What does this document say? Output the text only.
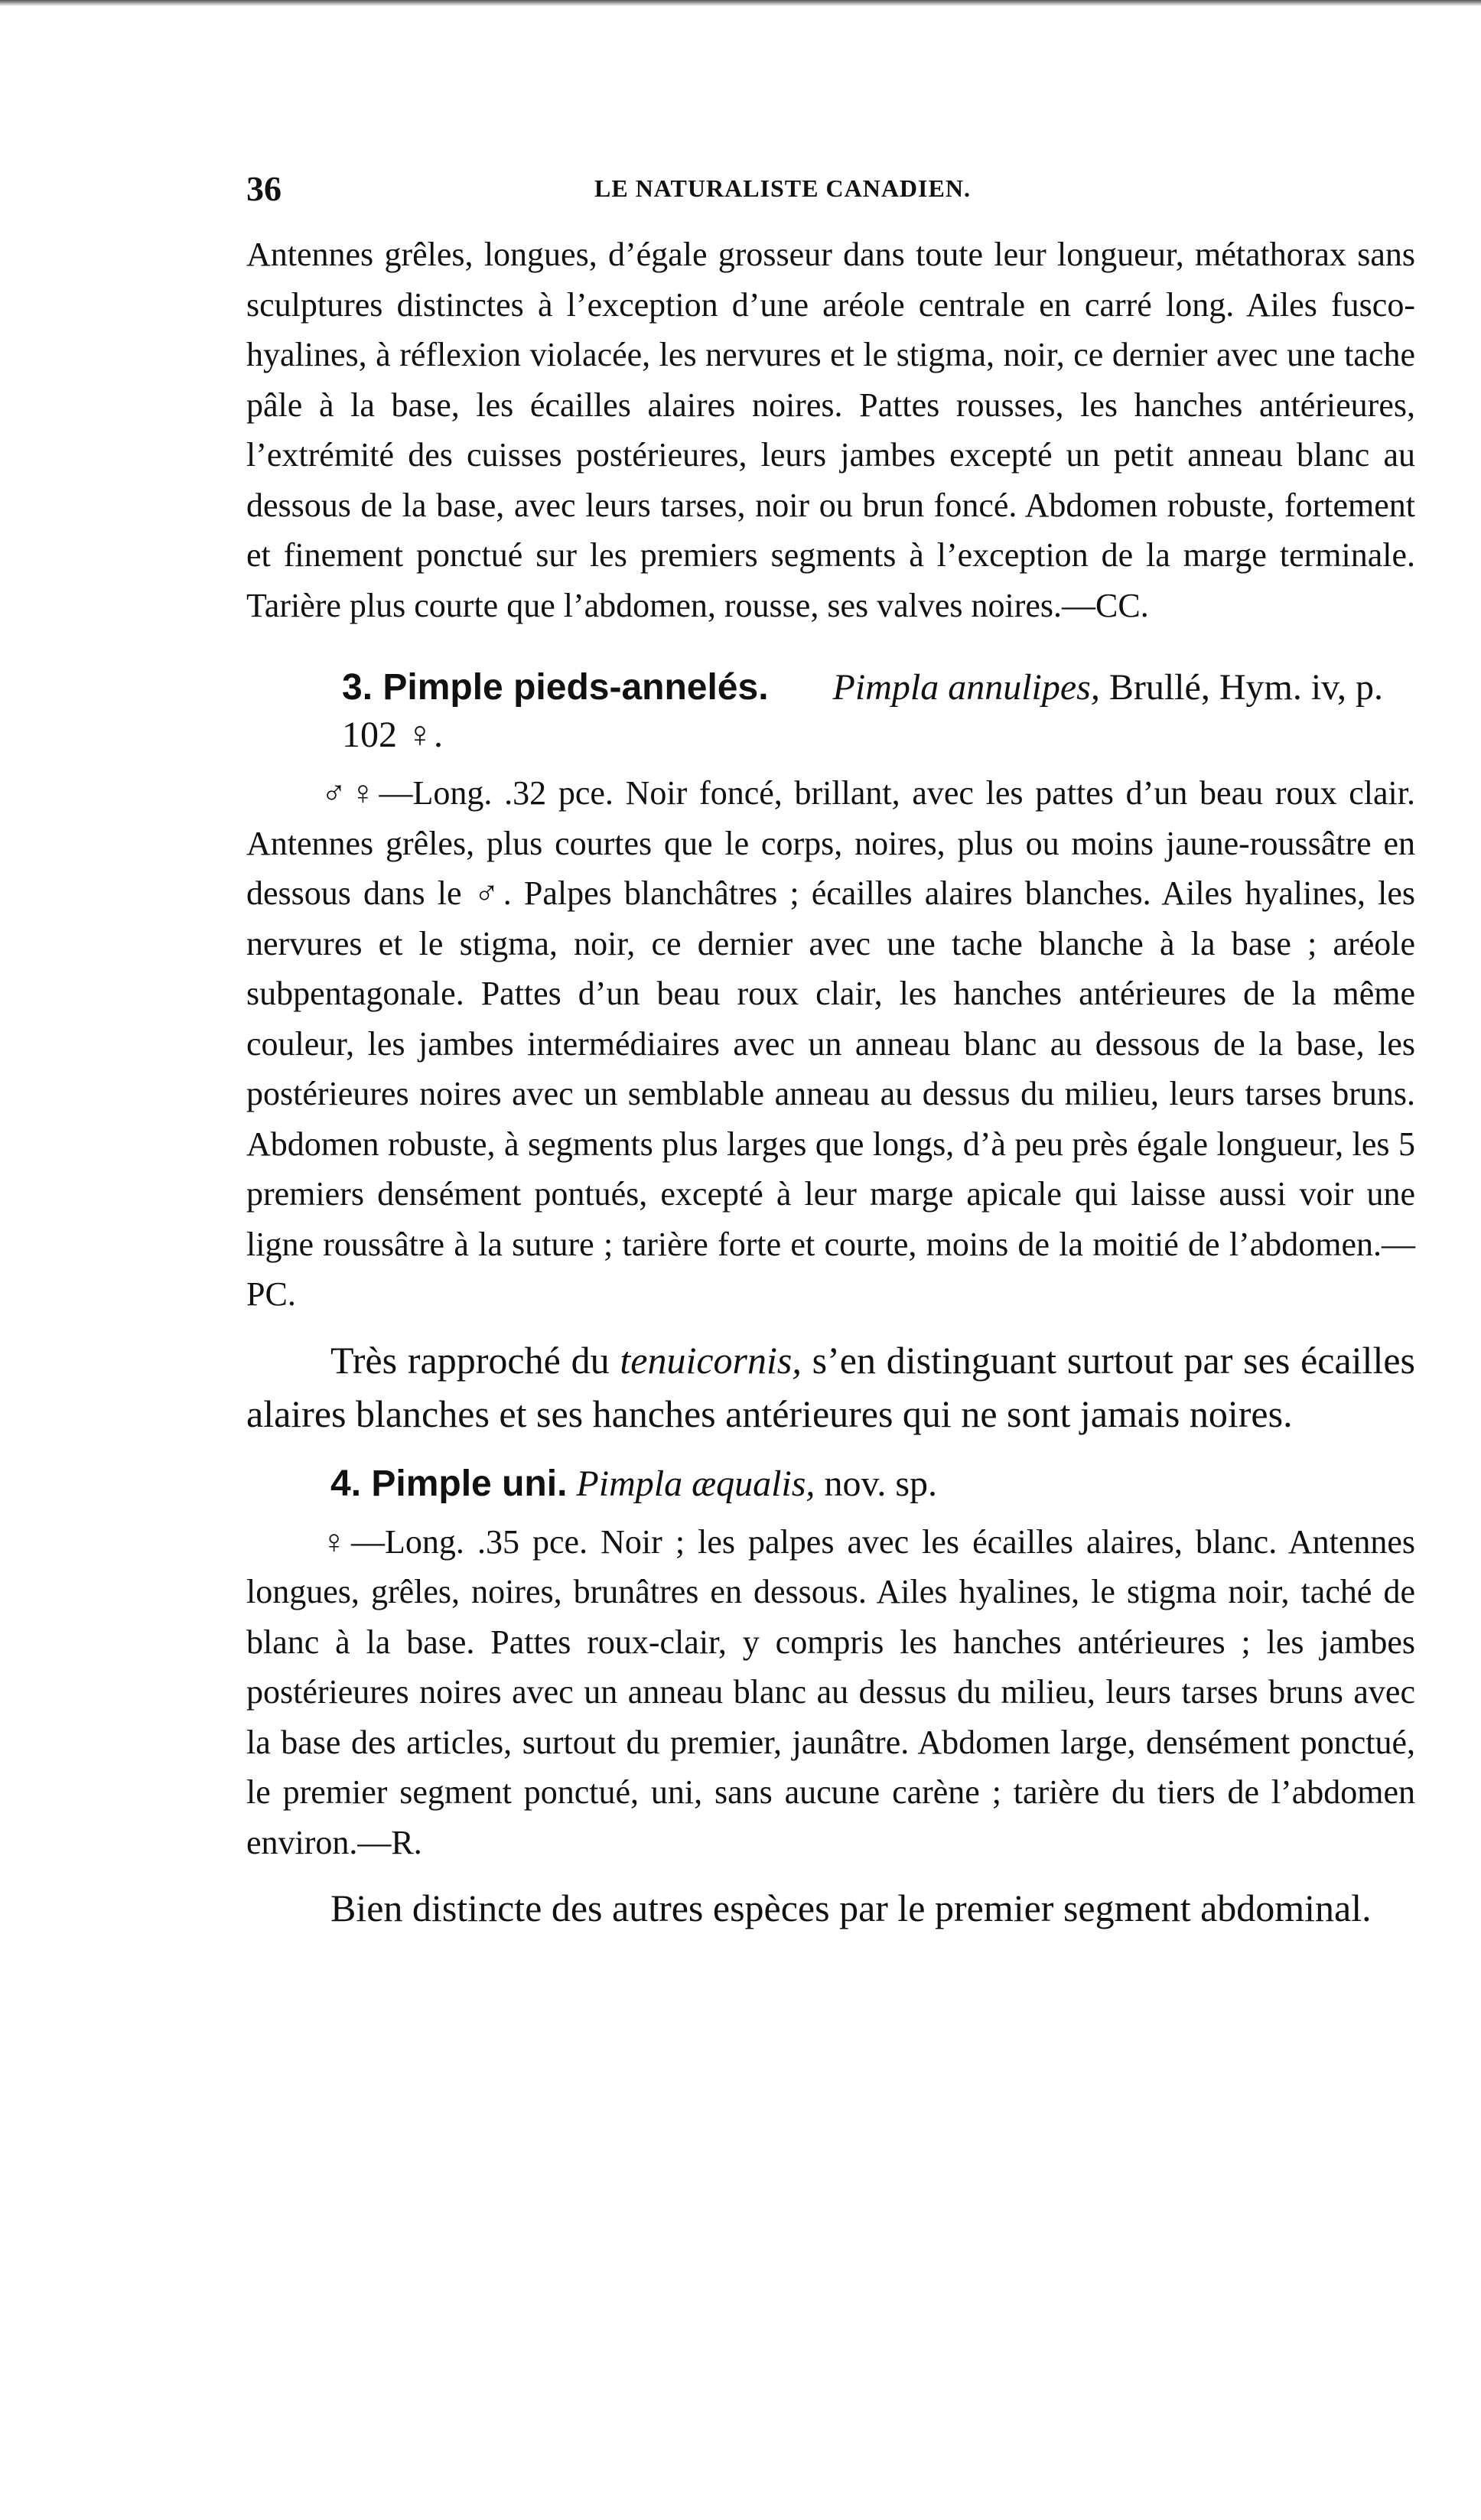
36	LE NATURALISTE CANADIEN.

Antennes grêles, longues, d’égale grosseur dans toute leur longueur, métathorax sans sculptures distinctes à l’exception d’une aréole centrale en carré long. Ailes fusco-hyalines, à réflexion violacée, les nervures et le stigma, noir, ce dernier avec une tache pâle à la base, les écailles alaires noires. Pattes rousses, les hanches antérieures, l’extrémité des cuisses postérieures, leurs jambes excepté un petit anneau blanc au dessous de la base, avec leurs tarses, noir ou brun foncé. Abdomen robuste, fortement et finement ponctué sur les premiers segments à l’exception de la marge terminale. Tarière plus courte que l’abdomen, rousse, ses valves noires.—CC.

3. Pimple pieds-annelés. Pimpla annulipes, Brullé, Hym. iv, p. 102 ♀.

♂♀—Long. .32 pce. Noir foncé, brillant, avec les pattes d’un beau roux clair. Antennes grêles, plus courtes que le corps, noires, plus ou moins jaune-roussâtre en dessous dans le ♂. Palpes blanchâtres ; écailles alaires blanches. Ailes hyalines, les nervures et le stigma, noir, ce dernier avec une tache blanche à la base ; aréole subpentagonale. Pattes d’un beau roux clair, les hanches antérieures de la même couleur, les jambes intermédiaires avec un anneau blanc au dessous de la base, les postérieures noires avec un semblable anneau au dessus du milieu, leurs tarses bruns. Abdomen robuste, à segments plus larges que longs, d’à peu près égale longueur, les 5 premiers densément pontués, excepté à leur marge apicale qui laisse aussi voir une ligne roussâtre à la suture ; tarière forte et courte, moins de la moitié de l’abdomen.—PC.

Très rapproché du tenuicornis, s’en distinguant surtout par ses écailles alaires blanches et ses hanches antérieures qui ne sont jamais noires.

4. Pimple uni. Pimpla æqualis, nov. sp.

♀—Long. .35 pce. Noir ; les palpes avec les écailles alaires, blanc. Antennes longues, grêles, noires, brunâtres en dessous. Ailes hyalines, le stigma noir, taché de blanc à la base. Pattes roux-clair, y compris les hanches antérieures ; les jambes postérieures noires avec un anneau blanc au dessus du milieu, leurs tarses bruns avec la base des articles, surtout du premier, jaunâtre. Abdomen large, densément ponctué, le premier segment ponctué, uni, sans aucune carène ; tarière du tiers de l’abdomen environ.—R.

Bien distincte des autres espèces par le premier segment abdominal.
